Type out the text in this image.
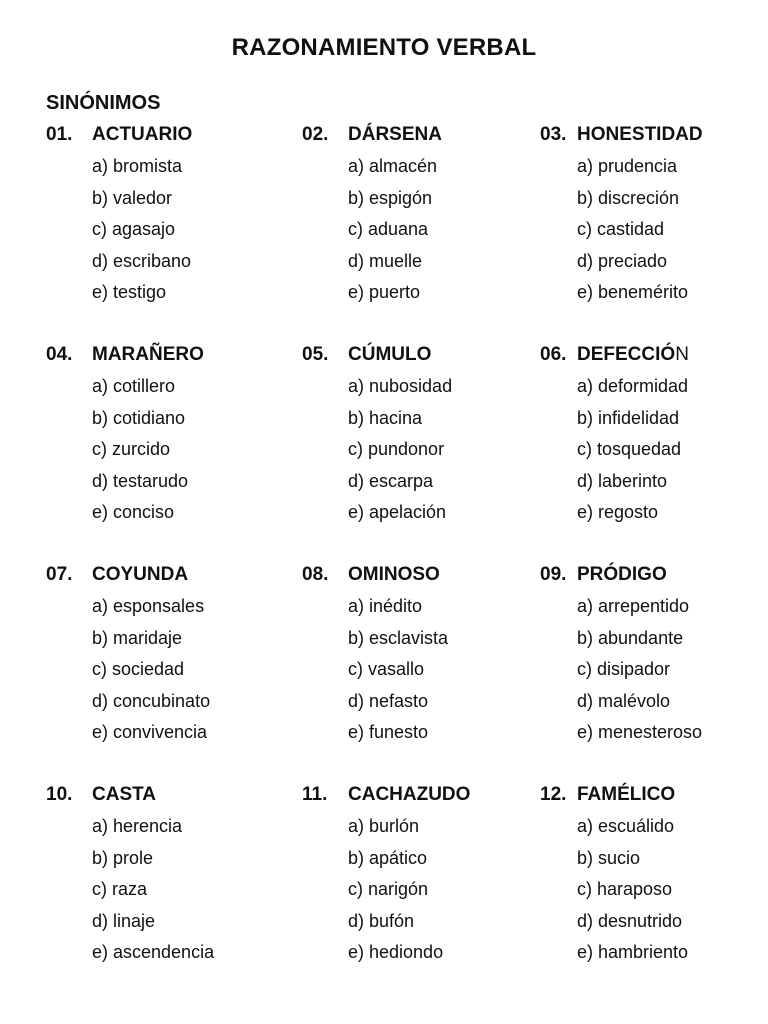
RAZONAMIENTO VERBAL
SINÓNIMOS
01. ACTUARIO
a) bromista
b) valedor
c) agasajo
d) escribano
e) testigo
02. DÁRSENA
a) almacén
b) espigón
c) aduana
d) muelle
e) puerto
03. HONESTIDAD
a) prudencia
b) discreción
c) castidad
d) preciado
e) benemérito
04. MARAÑERO
a) cotillero
b) cotidiano
c) zurcido
d) testarudo
e) conciso
05. CÚMULO
a) nubosidad
b) hacina
c) pundonor
d) escarpa
e) apelación
06. DEFECCIÓN
a) deformidad
b) infidelidad
c) tosquedad
d) laberinto
e) regosto
07. COYUNDA
a) esponsales
b) maridaje
c) sociedad
d) concubinato
e) convivencia
08. OMINOSO
a) inédito
b) esclavista
c) vasallo
d) nefasto
e) funesto
09. PRÓDIGO
a) arrepentido
b) abundante
c) disipador
d) malévolo
e) menesteroso
10. CASTA
a) herencia
b) prole
c) raza
d) linaje
e) ascendencia
11. CACHAZUDO
a) burlón
b) apático
c) narigón
d) bufón
e) hediondo
12. FAMÉLICO
a) escuálido
b) sucio
c) haraposo
d) desnutrido
e) hambriento
